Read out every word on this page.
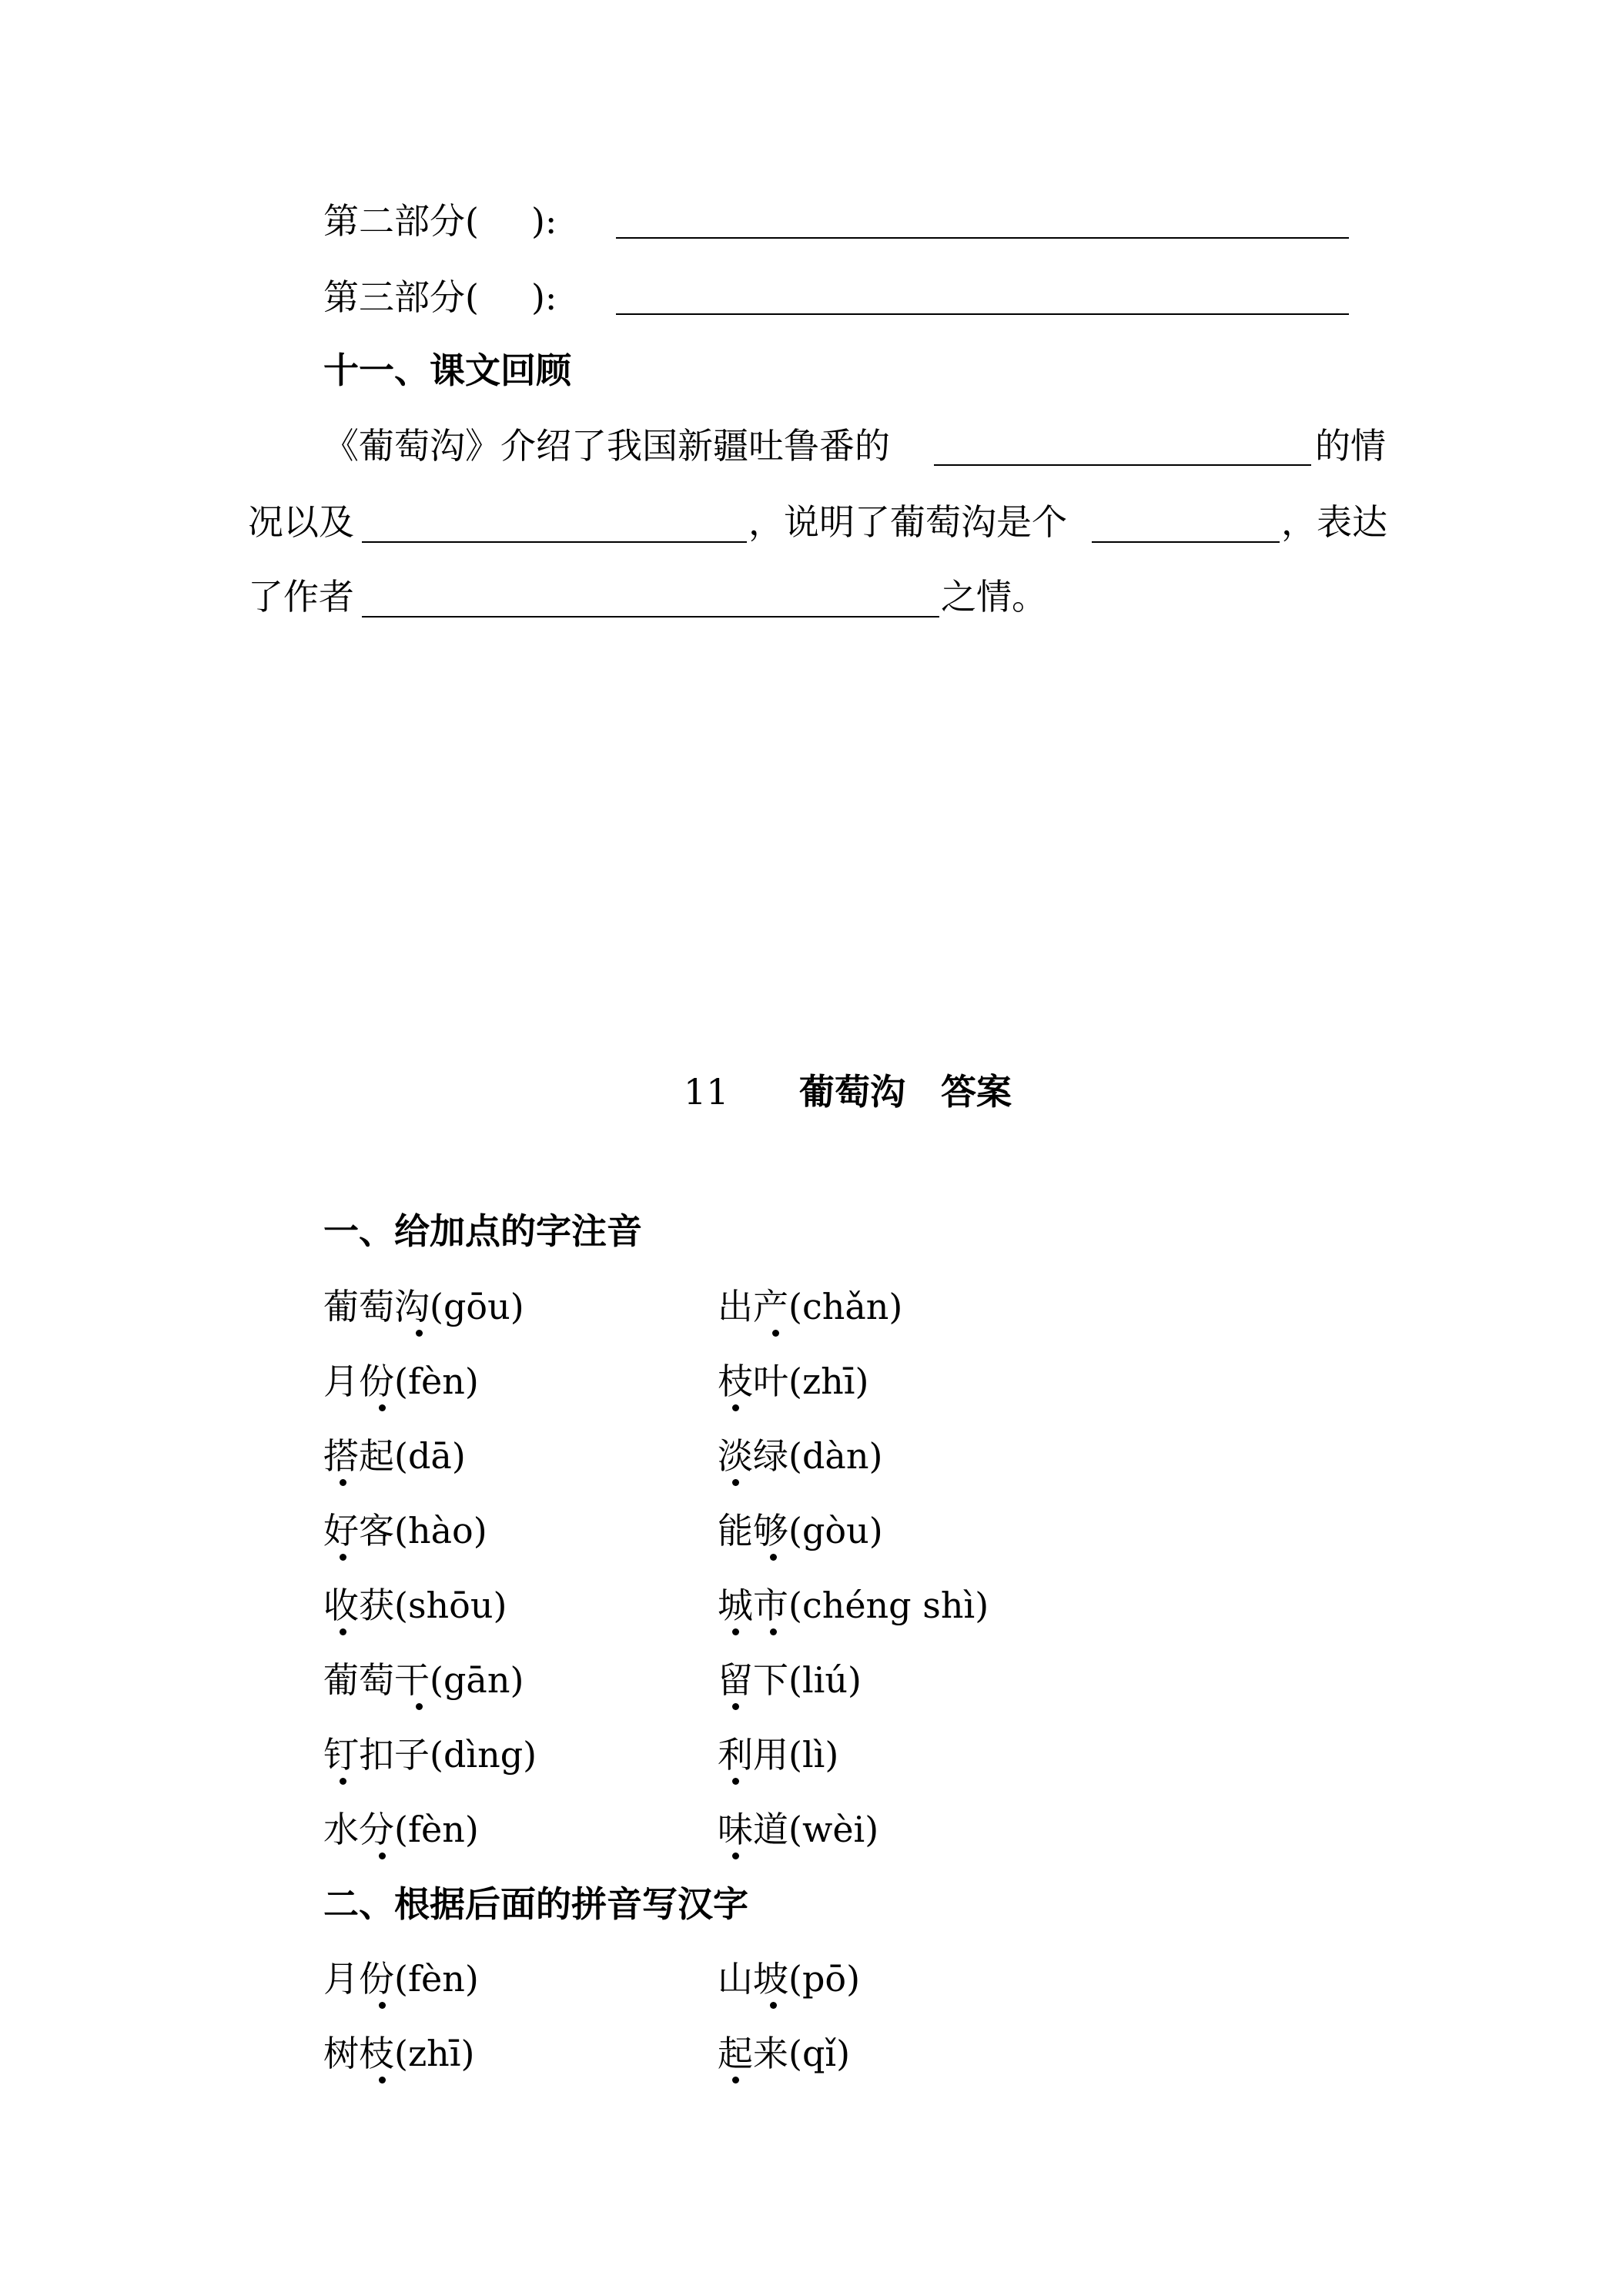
第二部分( ):
第三部分( ):
十一、课文回顾
《葡萄沟》介绍了我国新疆吐鲁番的	的情
况以及	，说明了葡萄沟是个	，表达
了作者	之情。
11 葡萄沟　答案
一、给加点的字注音
葡萄沟(gōu)	出产(chǎn)
月份(fèn)	枝叶(zhī)
搭起(dā)	淡绿(dàn)
好客(hào)	能够(gòu)
收获(shōu)	城市(chéng shì)
葡萄干(gān)	留下(liú)
钉扣子(dìng)	利用(lì)
水分(fèn)	味道(wèi)
二、根据后面的拼音写汉字
月份(fèn)	山坡(pō)
树枝(zhī)	起来(qǐ)
